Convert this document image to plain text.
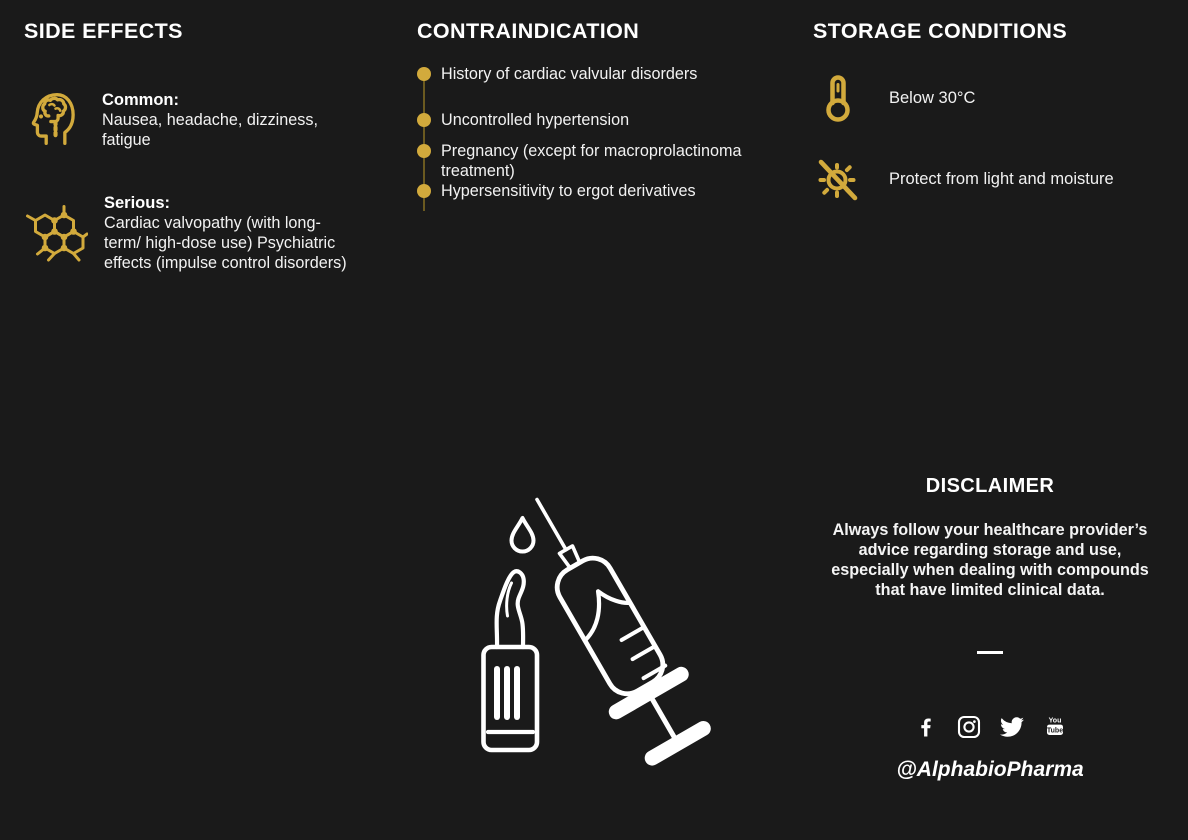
SIDE EFFECTS
Common:
Nausea, headache, dizziness, fatigue
Serious:
Cardiac valvopathy (with long-term/ high-dose use) Psychiatric effects (impulse control disorders)
CONTRAINDICATION
History of cardiac valvular disorders
Uncontrolled hypertension
Pregnancy (except for macroprolactinoma treatment)
Hypersensitivity to ergot derivatives
STORAGE CONDITIONS
Below 30°C
Protect from light and moisture
DISCLAIMER

Always follow your healthcare provider’s advice regarding storage and use, especially when dealing with compounds that have limited clinical data.

You
Tube
@AlphabioPharma
